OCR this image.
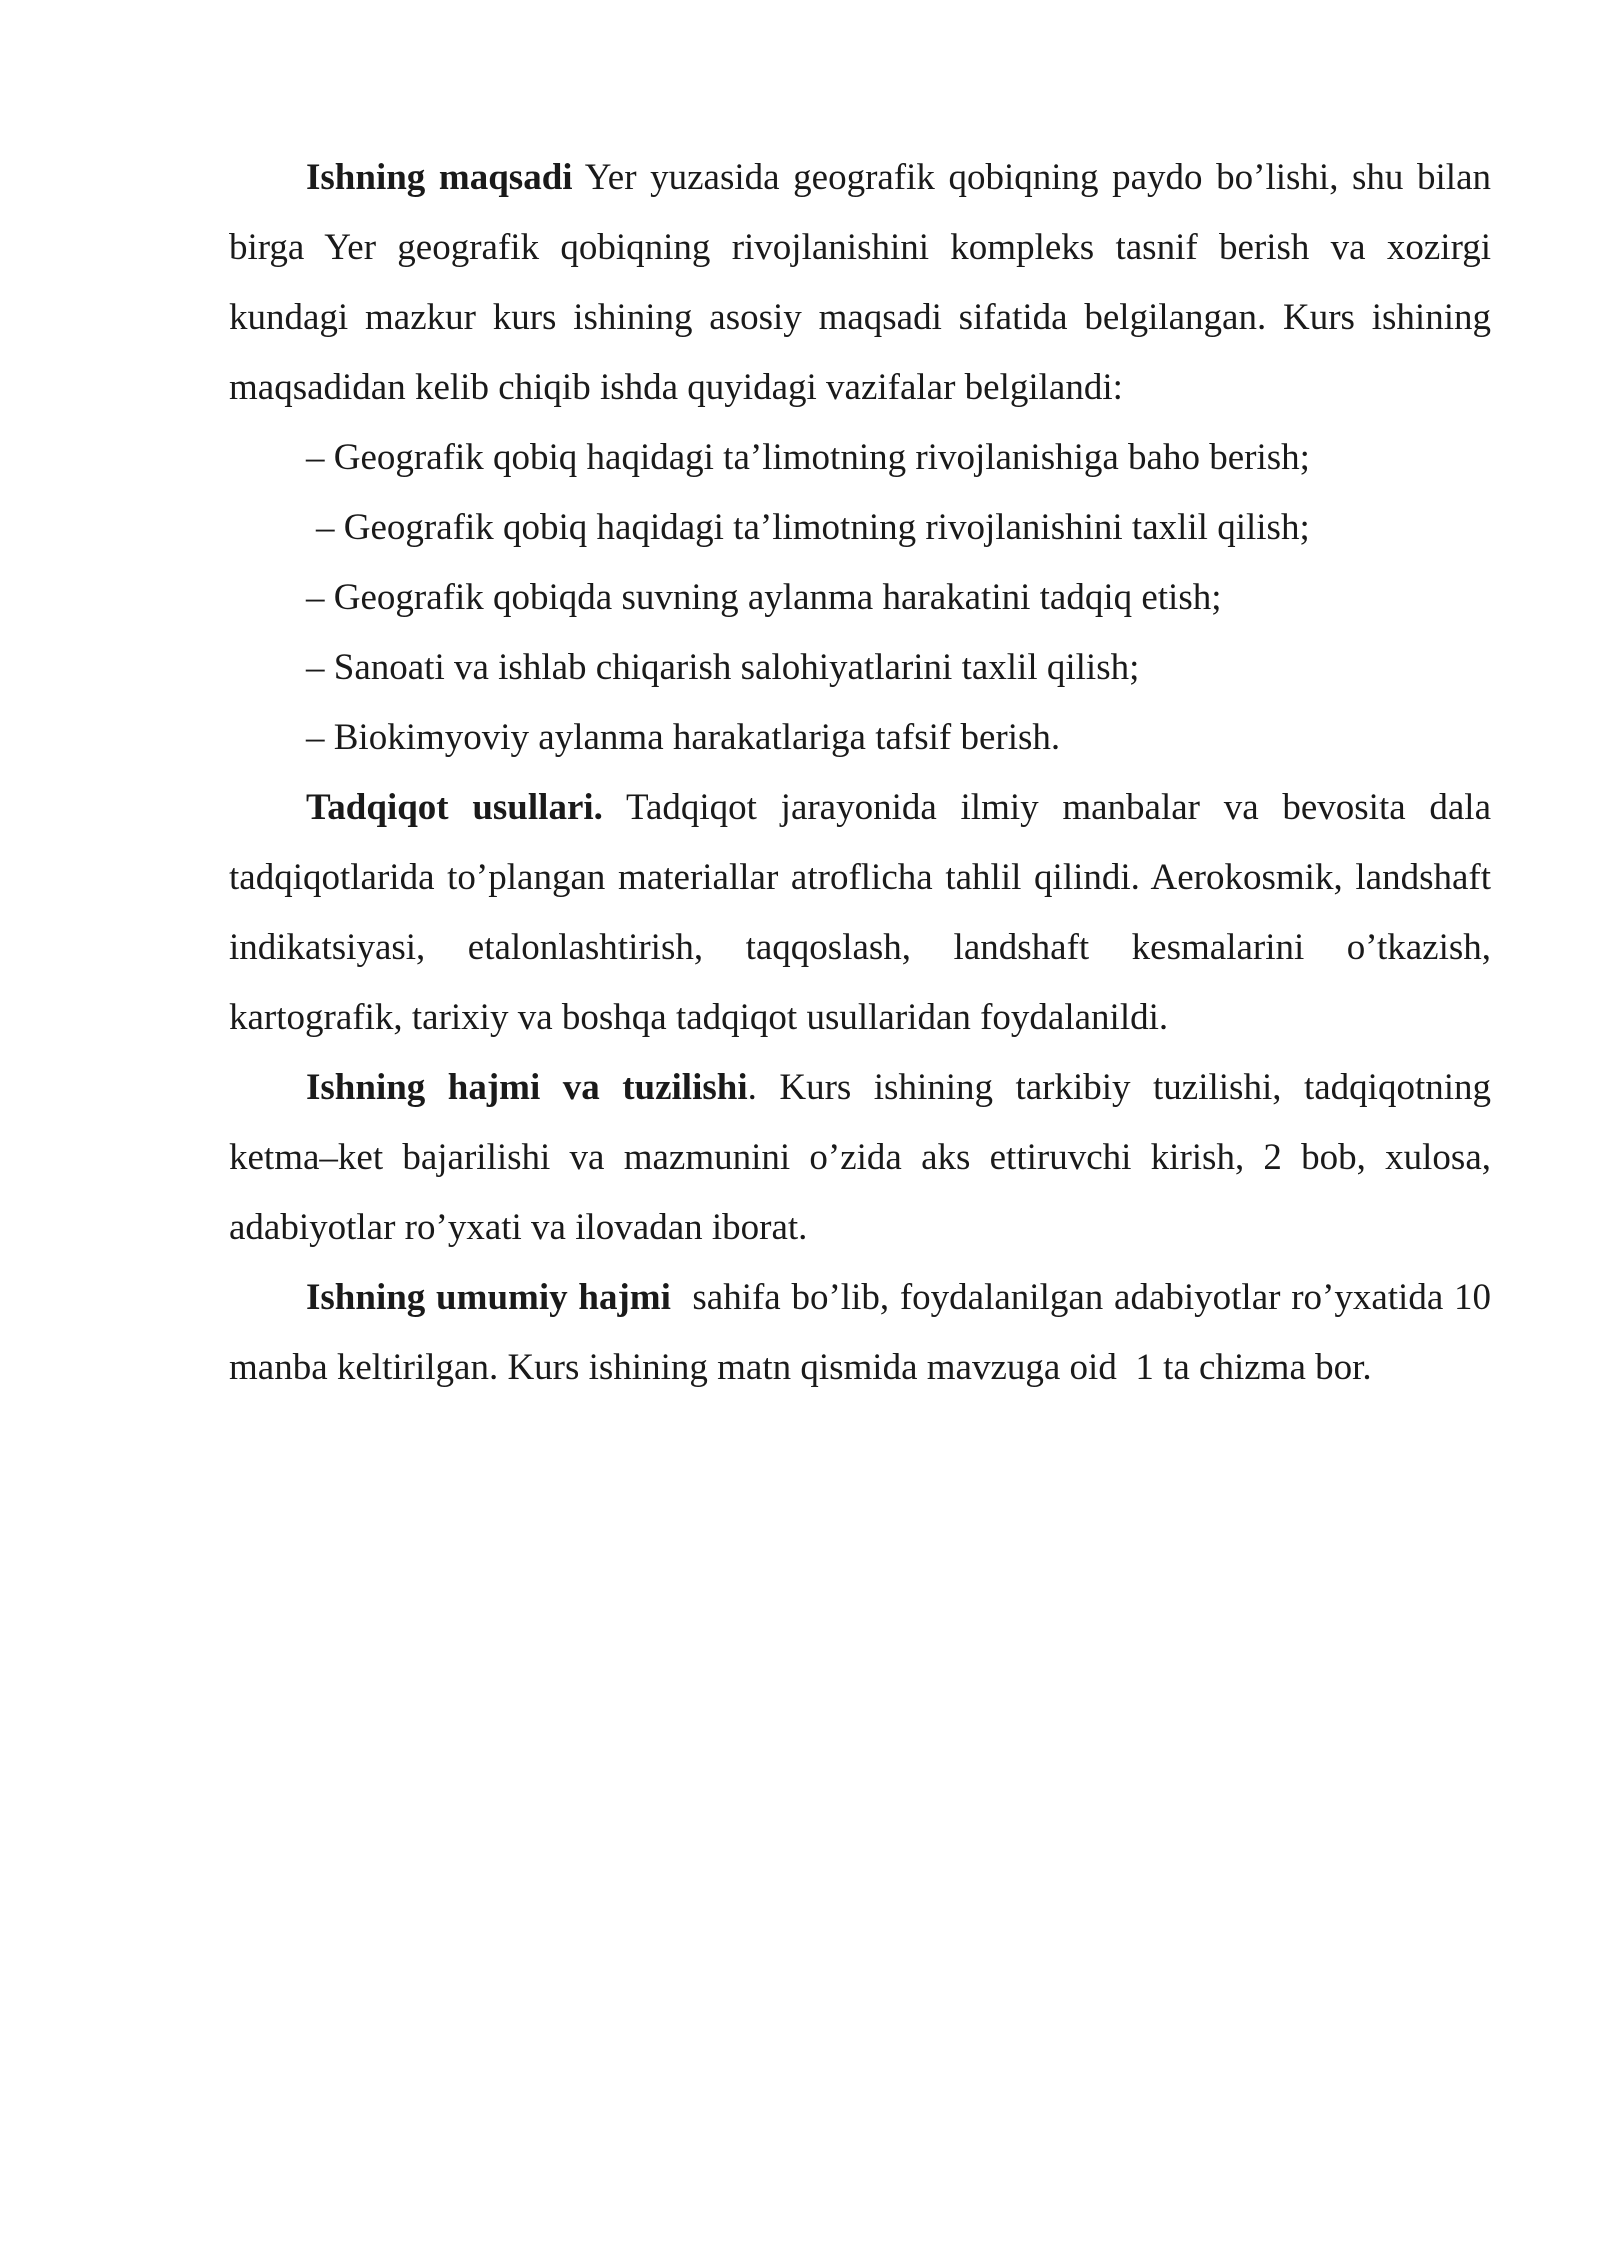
Ishning maqsadi Yer yuzasida geografik qobiqning paydo bo’lishi, shu bilan birga Yer geografik qobiqning rivojlanishini kompleks tasnif berish va xozirgi kundagi mazkur kurs ishining asosiy maqsadi sifatida belgilangan. Kurs ishining maqsadidan kelib chiqib ishda quyidagi vazifalar belgilandi:

– Geografik qobiq haqidagi ta’limotning rivojlanishiga baho berish;

– Geografik qobiq haqidagi ta’limotning rivojlanishini taxlil qilish;

– Geografik qobiqda suvning aylanma harakatini tadqiq etish;

– Sanoati va ishlab chiqarish salohiyatlarini taxlil qilish;

– Biokimyoviy aylanma harakatlariga tafsif berish.

Tadqiqot usullari. Tadqiqot jarayonida ilmiy manbalar va bevosita dala tadqiqotlarida to’plangan materiallar atroflicha tahlil qilindi. Aerokosmik, landshaft indikatsiyasi, etalonlashtirish, taqqoslash, landshaft kesmalarini o’tkazish, kartografik, tarixiy va boshqa tadqiqot usullaridan foydalanildi.

Ishning hajmi va tuzilishi. Kurs ishining tarkibiy tuzilishi, tadqiqotning ketma–ket bajarilishi va mazmunini o’zida aks ettiruvchi kirish, 2 bob, xulosa, adabiyotlar ro’yxati va ilovadan iborat.

Ishning umumiy hajmi  sahifa bo’lib, foydalanilgan adabiyotlar ro’yxatida 10 manba keltirilgan. Kurs ishining matn qismida mavzuga oid  1 ta chizma bor.
